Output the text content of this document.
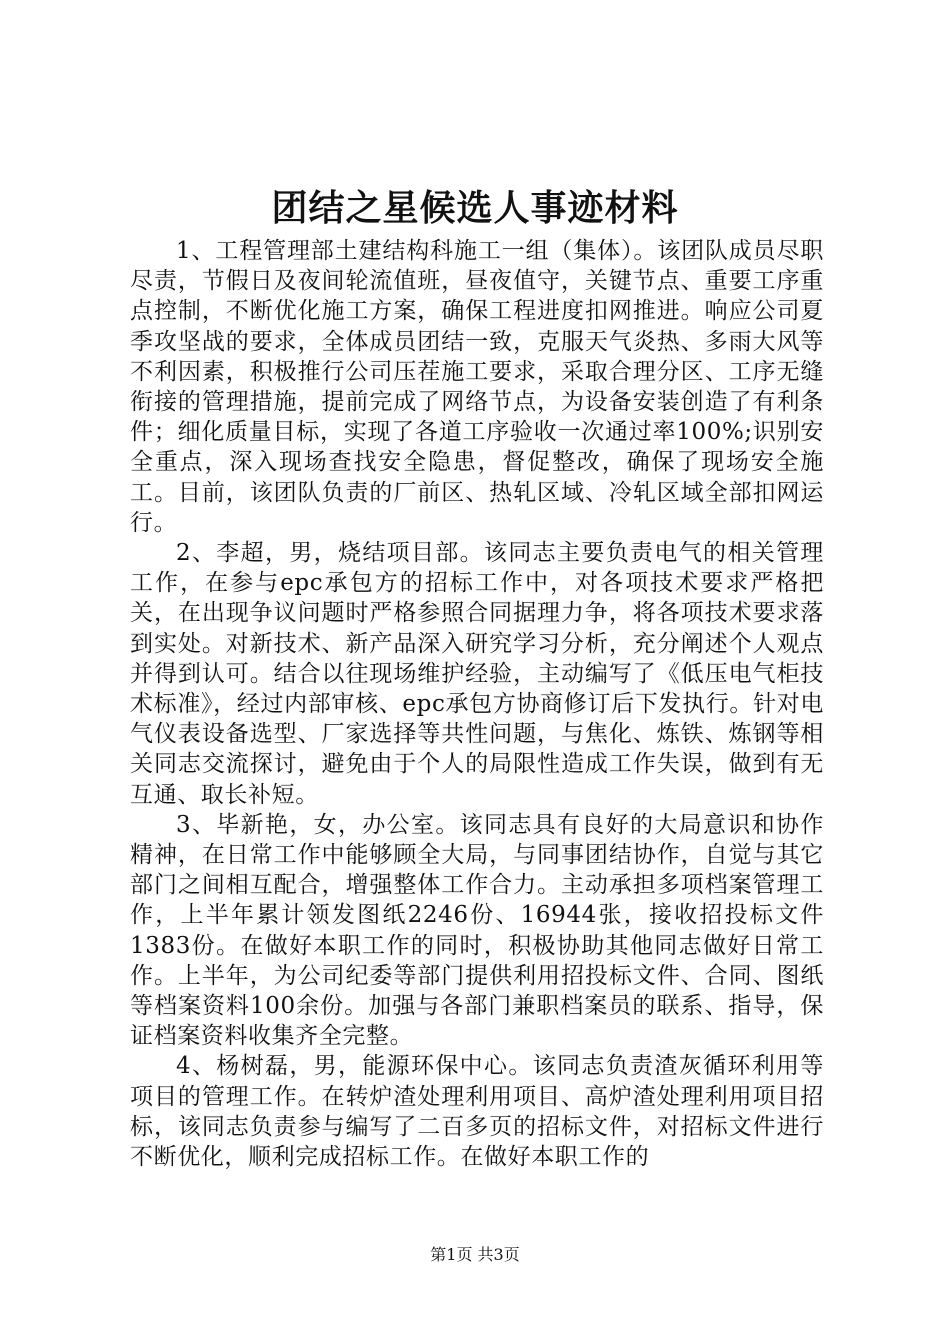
团结之星候选人事迹材料

1、工程管理部土建结构科施工一组（集体）。该团队成员尽职尽责，节假日及夜间轮流值班，昼夜值守，关键节点、重要工序重点控制，不断优化施工方案，确保工程进度扣网推进。响应公司夏季攻坚战的要求，全体成员团结一致，克服天气炎热、多雨大风等不利因素，积极推行公司压茬施工要求，采取合理分区、工序无缝衔接的管理措施，提前完成了网络节点，为设备安装创造了有利条件；细化质量目标，实现了各道工序验收一次通过率100%;识别安全重点，深入现场查找安全隐患，督促整改，确保了现场安全施工。目前，该团队负责的厂前区、热轧区域、冷轧区域全部扣网运行。

2、李超，男，烧结项目部。该同志主要负责电气的相关管理工作，在参与epc承包方的招标工作中，对各项技术要求严格把关，在出现争议问题时严格参照合同据理力争，将各项技术要求落到实处。对新技术、新产品深入研究学习分析，充分阐述个人观点并得到认可。结合以往现场维护经验，主动编写了《低压电气柜技术标准》，经过内部审核、epc承包方协商修订后下发执行。针对电气仪表设备选型、厂家选择等共性问题，与焦化、炼铁、炼钢等相关同志交流探讨，避免由于个人的局限性造成工作失误，做到有无互通、取长补短。

3、毕新艳，女，办公室。该同志具有良好的大局意识和协作精神，在日常工作中能够顾全大局，与同事团结协作，自觉与其它部门之间相互配合，增强整体工作合力。主动承担多项档案管理工作，上半年累计领发图纸2246份、16944张，接收招投标文件1383份。在做好本职工作的同时，积极协助其他同志做好日常工作。上半年，为公司纪委等部门提供利用招投标文件、合同、图纸等档案资料100余份。加强与各部门兼职档案员的联系、指导，保证档案资料收集齐全完整。

4、杨树磊，男，能源环保中心。该同志负责渣灰循环利用等项目的管理工作。在转炉渣处理利用项目、高炉渣处理利用项目招标，该同志负责参与编写了二百多页的招标文件，对招标文件进行不断优化，顺利完成招标工作。在做好本职工作的

第1页 共3页
